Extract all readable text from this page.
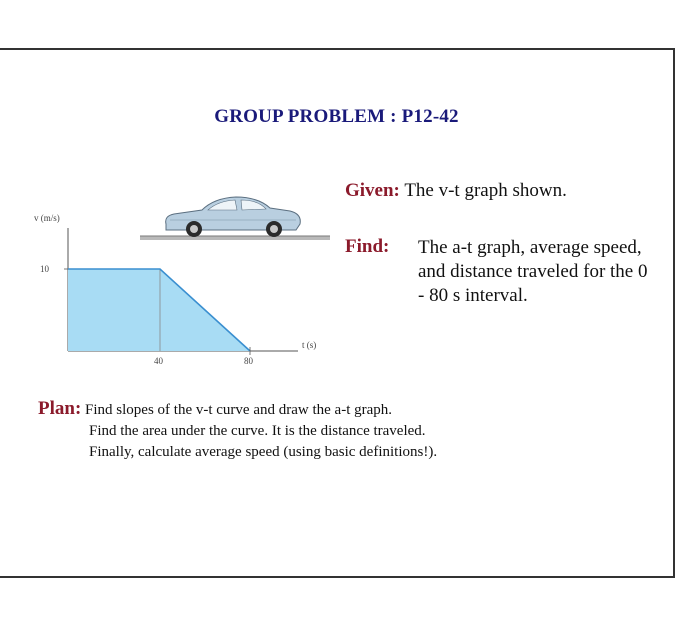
GROUP PROBLEM : P12-42
v (m/s)
10
40	80
t (s)
Given: The v-t graph shown.
Find: The a-t graph, average speed, and distance traveled for the 0 - 80 s interval.
Plan: Find slopes of the v-t curve and draw the a-t graph.
Find the area under the curve. It is the distance traveled.
Finally, calculate average speed (using basic definitions!).
